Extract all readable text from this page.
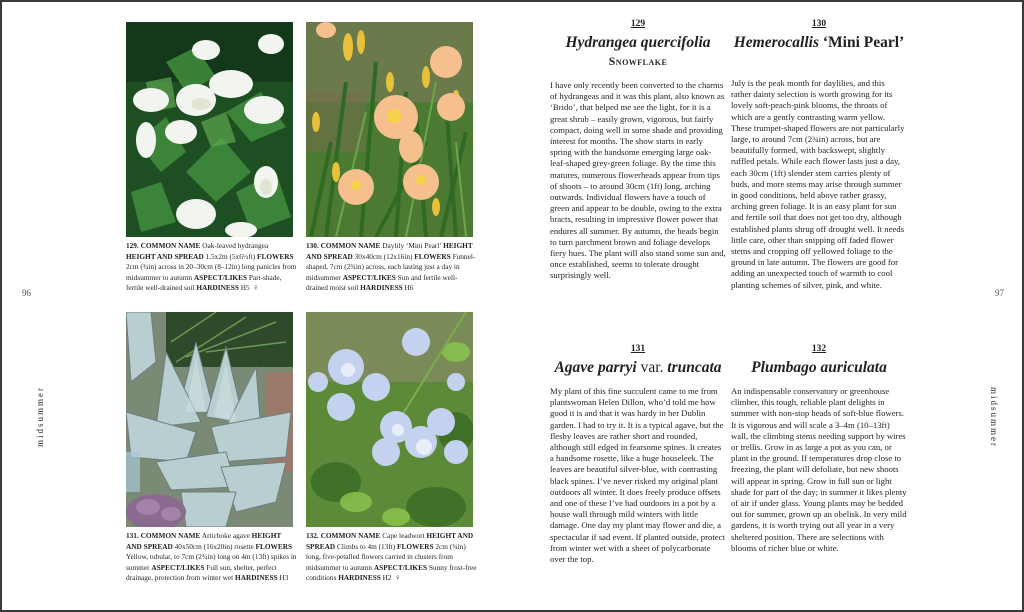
96	97
midsummer	midsummer
129. COMMON NAME Oak-leaved hydrangea HEIGHT AND SPREAD 1.5x2m (5x6½ft) FLOWERS 2cm (¾in) across in 20–30cm (8–12in) long panicles from midsummer to autumn ASPECT/LIKES Part-shade, fertile well-drained soil HARDINESS H5 ♀
130. COMMON NAME Daylily ‘Mini Pearl’ HEIGHT AND SPREAD 30x40cm (12x16in) FLOWERS Funnel-shaped, 7cm (2¾in) across, each lasting just a day in midsummer ASPECT/LIKES Sun and fertile well-drained moist soil HARDINESS H6
131. COMMON NAME Artichoke agave HEIGHT AND SPREAD 40x50cm (16x20in) rosette FLOWERS Yellow, tubular, to 7cm (2¾in) long on 4m (13ft) spikes in summer ASPECT/LIKES Full sun, shelter, perfect drainage, protection from winter wet HARDINESS H3
132. COMMON NAME Cape leadwort HEIGHT AND SPREAD Climbs to 4m (13ft) FLOWERS 2cm (¾in) long, five-petalled flowers carried in clusters from midsummer to autumn ASPECT/LIKES Sunny frost-free conditions HARDINESS H2 ♀
129
Hydrangea quercifolia
Snowflake

I have only recently been converted to the charms of hydrangeas and it was this plant, also known as ‘Brido’, that helped me see the light, for it is a great shrub – easily grown, vigorous, but fairly compact, doing well in some shade and providing interest for months. The show starts in early spring with the handsome emerging large oak-leaf-shaped grey-green foliage. By the time this matures, numerous flowerheads appear from tips of shoots – to around 30cm (1ft) long, arching outwards. Individual flowers have a touch of green and appear to be double, owing to the extra bracts, resulting in impressive flower power that endures all summer. By autumn, the heads begin to turn parchment brown and foliage develops fiery hues. The plant will also stand some sun and, once established, seems to tolerate drought surprisingly well.

130
Hemerocallis ‘Mini Pearl’

July is the peak month for daylilies, and this rather dainty selection is worth growing for its lovely soft-peach-pink blooms, the throats of which are a gently contrasting warm yellow. These trumpet-shaped flowers are not particularly large, to around 7cm (2¾in) across, but are beautifully formed, with backswept, slightly ruffled petals. While each flower lasts just a day, each 30cm (1ft) slender stem carries plenty of buds, and more stems may arise through summer in good conditions, held above rather grassy, arching green foliage. It is an easy plant for sun and fertile soil that does not get too dry, although established plants shrug off drought well. It needs little care, other than snipping off faded flower stems and cropping off yellowed foliage to the ground in late autumn. The flowers are good for adding an unexpected touch of warmth to cool planting schemes of silver, pink, and white.

131
Agave parryi var. truncata

My plant of this fine succulent came to me from plantswoman Helen Dillon, who’d told me how good it is and that it was hardy in her Dublin garden. I had to try it. It is a typical agave, but the fleshy leaves are rather short and rounded, although still edged in fearsome spines. It creates a handsome rosette, like a huge houseleek. The leaves are beautiful silver-blue, with contrasting black spines. I’ve never risked my original plant outdoors all winter. It does freely produce offsets and one of these I’ve had outdoors in a pot by a house wall through mild winters with little damage. One day my plant may flower and die, a spectacular if sad event. If planted outside, protect from winter wet with a sheet of polycarbonate over the top.

132
Plumbago auriculata

An indispensable conservatory or greenhouse climber, this tough, reliable plant delights in summer with non-stop heads of soft-blue flowers. It is vigorous and will scale a 3–4m (10–13ft) wall, the climbing stems needing support by wires or trellis. Grow in as large a pot as you can, or plant in the ground. If temperatures drop close to freezing, the plant will defoliate, but new shoots will appear in spring. Grow in full sun or light shade for part of the day; in summer it likes plenty of air if under glass. Young plants may be bedded out for summer, grown up an obelisk. In very mild gardens, it is worth trying out all year in a very sheltered position. There are selections with blooms of richer blue or white.
